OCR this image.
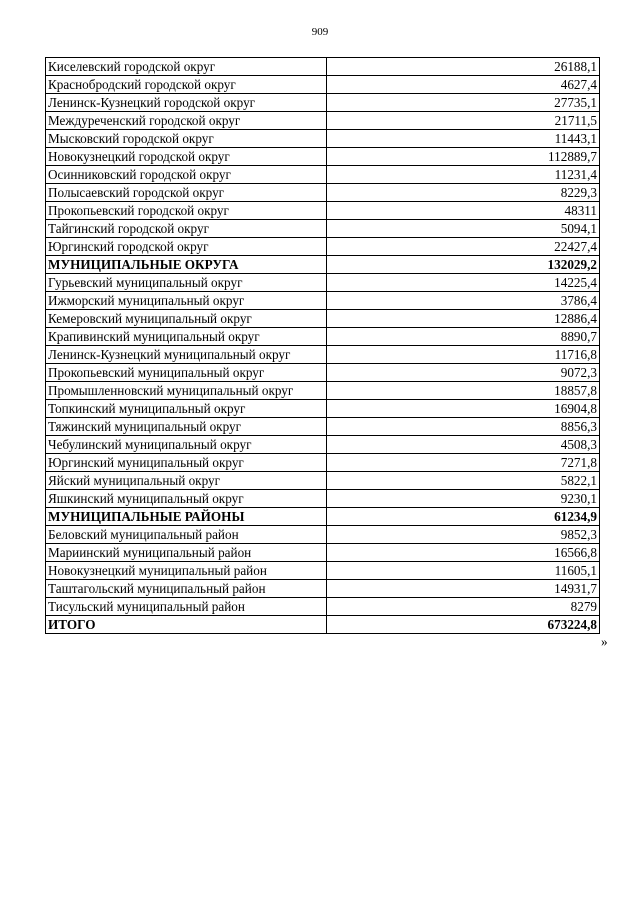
909
Киселевский городской округ	26188,1
Краснобродский городской округ	4627,4
Ленинск-Кузнецкий городской округ	27735,1
Междуреченский городской округ	21711,5
Мысковский городской округ	11443,1
Новокузнецкий городской округ	112889,7
Осинниковский городской округ	11231,4
Полысаевский городской округ	8229,3
Прокопьевский городской округ	48311
Тайгинский городской округ	5094,1
Юргинский городской округ	22427,4
МУНИЦИПАЛЬНЫЕ ОКРУГА	132029,2
Гурьевский муниципальный округ	14225,4
Ижморский муниципальный округ	3786,4
Кемеровский муниципальный округ	12886,4
Крапивинский муниципальный округ	8890,7
Ленинск-Кузнецкий муниципальный округ	11716,8
Прокопьевский муниципальный округ	9072,3
Промышленновский муниципальный округ	18857,8
Топкинский муниципальный округ	16904,8
Тяжинский муниципальный округ	8856,3
Чебулинский муниципальный округ	4508,3
Юргинский муниципальный округ	7271,8
Яйский муниципальный округ	5822,1
Яшкинский муниципальный округ	9230,1
МУНИЦИПАЛЬНЫЕ РАЙОНЫ	61234,9
Беловский муниципальный район	9852,3
Мариинский муниципальный район	16566,8
Новокузнецкий муниципальный район	11605,1
Таштагольский муниципальный район	14931,7
Тисульский муниципальный район	8279
ИТОГО	673224,8
»
